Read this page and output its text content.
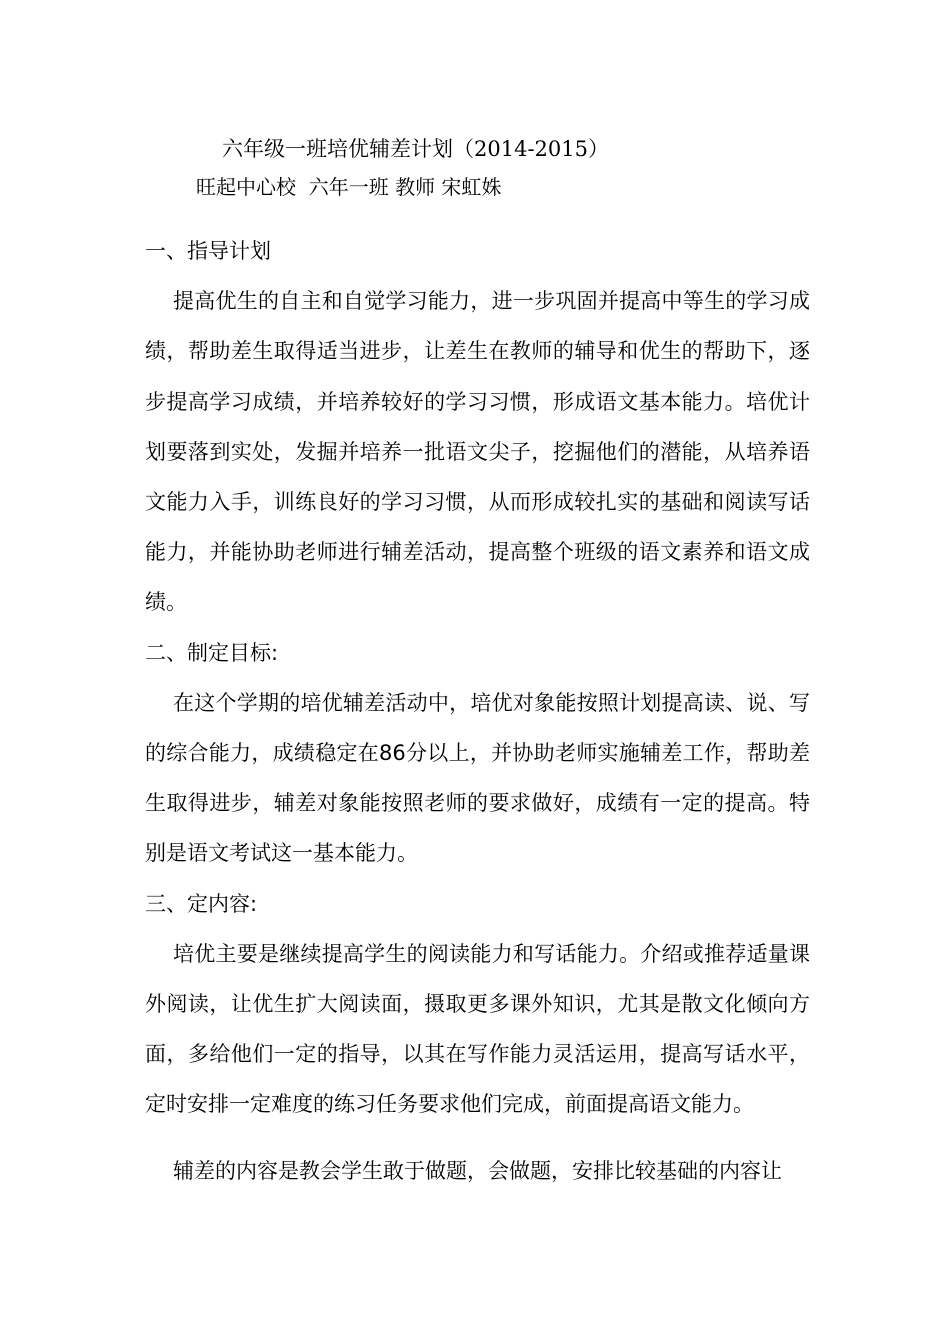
六年级一班培优辅差计划（2014-2015）
旺起中心校  六年一班 教师 宋虹姝

一、指导计划

提高优生的自主和自觉学习能力，进一步巩固并提高中等生的学习成绩，帮助差生取得适当进步，让差生在教师的辅导和优生的帮助下，逐步提高学习成绩，并培养较好的学习习惯，形成语文基本能力。培优计划要落到实处，发掘并培养一批语文尖子，挖掘他们的潜能，从培养语文能力入手，训练良好的学习习惯，从而形成较扎实的基础和阅读写话能力，并能协助老师进行辅差活动，提高整个班级的语文素养和语文成绩。

二、制定目标:

在这个学期的培优辅差活动中，培优对象能按照计划提高读、说、写的综合能力，成绩稳定在86分以上，并协助老师实施辅差工作，帮助差生取得进步，辅差对象能按照老师的要求做好，成绩有一定的提高。特别是语文考试这一基本能力。

三、定内容:

培优主要是继续提高学生的阅读能力和写话能力。介绍或推荐适量课外阅读，让优生扩大阅读面，摄取更多课外知识，尤其是散文化倾向方面，多给他们一定的指导，以其在写作能力灵活运用，提高写话水平，定时安排一定难度的练习任务要求他们完成，前面提高语文能力。

辅差的内容是教会学生敢于做题，会做题，安排比较基础的内容让
